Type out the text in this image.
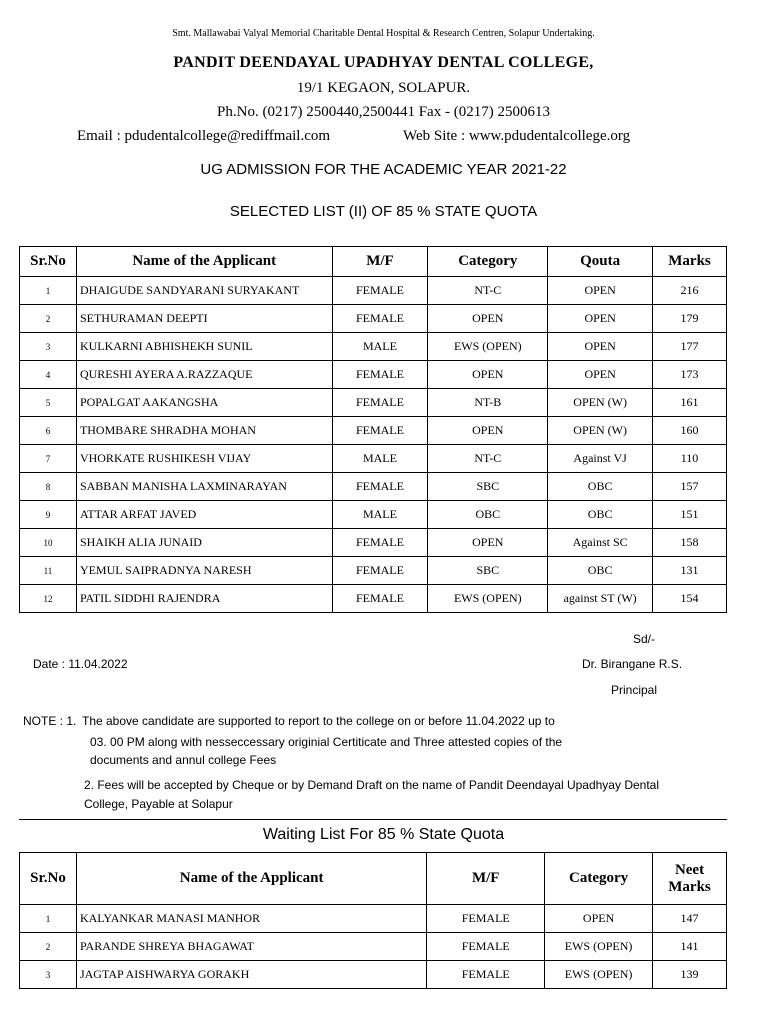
Smt. Mallawabai Valyal Memorial Charitable Dental Hospital & Research Centren, Solapur Undertaking.
PANDIT DEENDAYAL UPADHYAY DENTAL COLLEGE,
19/1 KEGAON, SOLAPUR.
Ph.No. (0217) 2500440,2500441 Fax - (0217) 2500613
Email : pdudentalcollege@rediffmail.com	Web Site : www.pdudentalcollege.org
UG ADMISSION FOR THE ACADEMIC YEAR 2021-22
SELECTED LIST (II) OF 85 % STATE QUOTA
Sr.No	Name of the Applicant	M/F	Category	Qouta	Marks
1	DHAIGUDE SANDYARANI SURYAKANT	FEMALE	NT-C	OPEN	216
2	SETHURAMAN DEEPTI	FEMALE	OPEN	OPEN	179
3	KULKARNI ABHISHEKH SUNIL	MALE	EWS (OPEN)	OPEN	177
4	QURESHI AYERA A.RAZZAQUE	FEMALE	OPEN	OPEN	173
5	POPALGAT AAKANGSHA	FEMALE	NT-B	OPEN (W)	161
6	THOMBARE SHRADHA MOHAN	FEMALE	OPEN	OPEN (W)	160
7	VHORKATE RUSHIKESH VIJAY	MALE	NT-C	Against VJ	110
8	SABBAN MANISHA LAXMINARAYAN	FEMALE	SBC	OBC	157
9	ATTAR ARFAT JAVED	MALE	OBC	OBC	151
10	SHAIKH ALIA JUNAID	FEMALE	OPEN	Against SC	158
11	YEMUL SAIPRADNYA NARESH	FEMALE	SBC	OBC	131
12	PATIL SIDDHI RAJENDRA	FEMALE	EWS (OPEN)	against ST (W)	154
Sd/-
Date : 11.04.2022	Dr. Birangane R.S.
Principal
NOTE : 1. The above candidate are supported to report to the college on or before 11.04.2022 up to
03. 00 PM along with nesseccessary originial Certiticate and Three attested copies of the
documents and annul college Fees
2. Fees will be accepted by Cheque or by Demand Draft on the name of Pandit Deendayal Upadhyay Dental
College, Payable at Solapur
Waiting List For 85 % State Quota
Sr.No	Name of the Applicant	M/F	Category	Neet Marks
1	KALYANKAR MANASI MANHOR	FEMALE	OPEN	147
2	PARANDE SHREYA BHAGAWAT	FEMALE	EWS (OPEN)	141
3	JAGTAP AISHWARYA GORAKH	FEMALE	EWS (OPEN)	139
